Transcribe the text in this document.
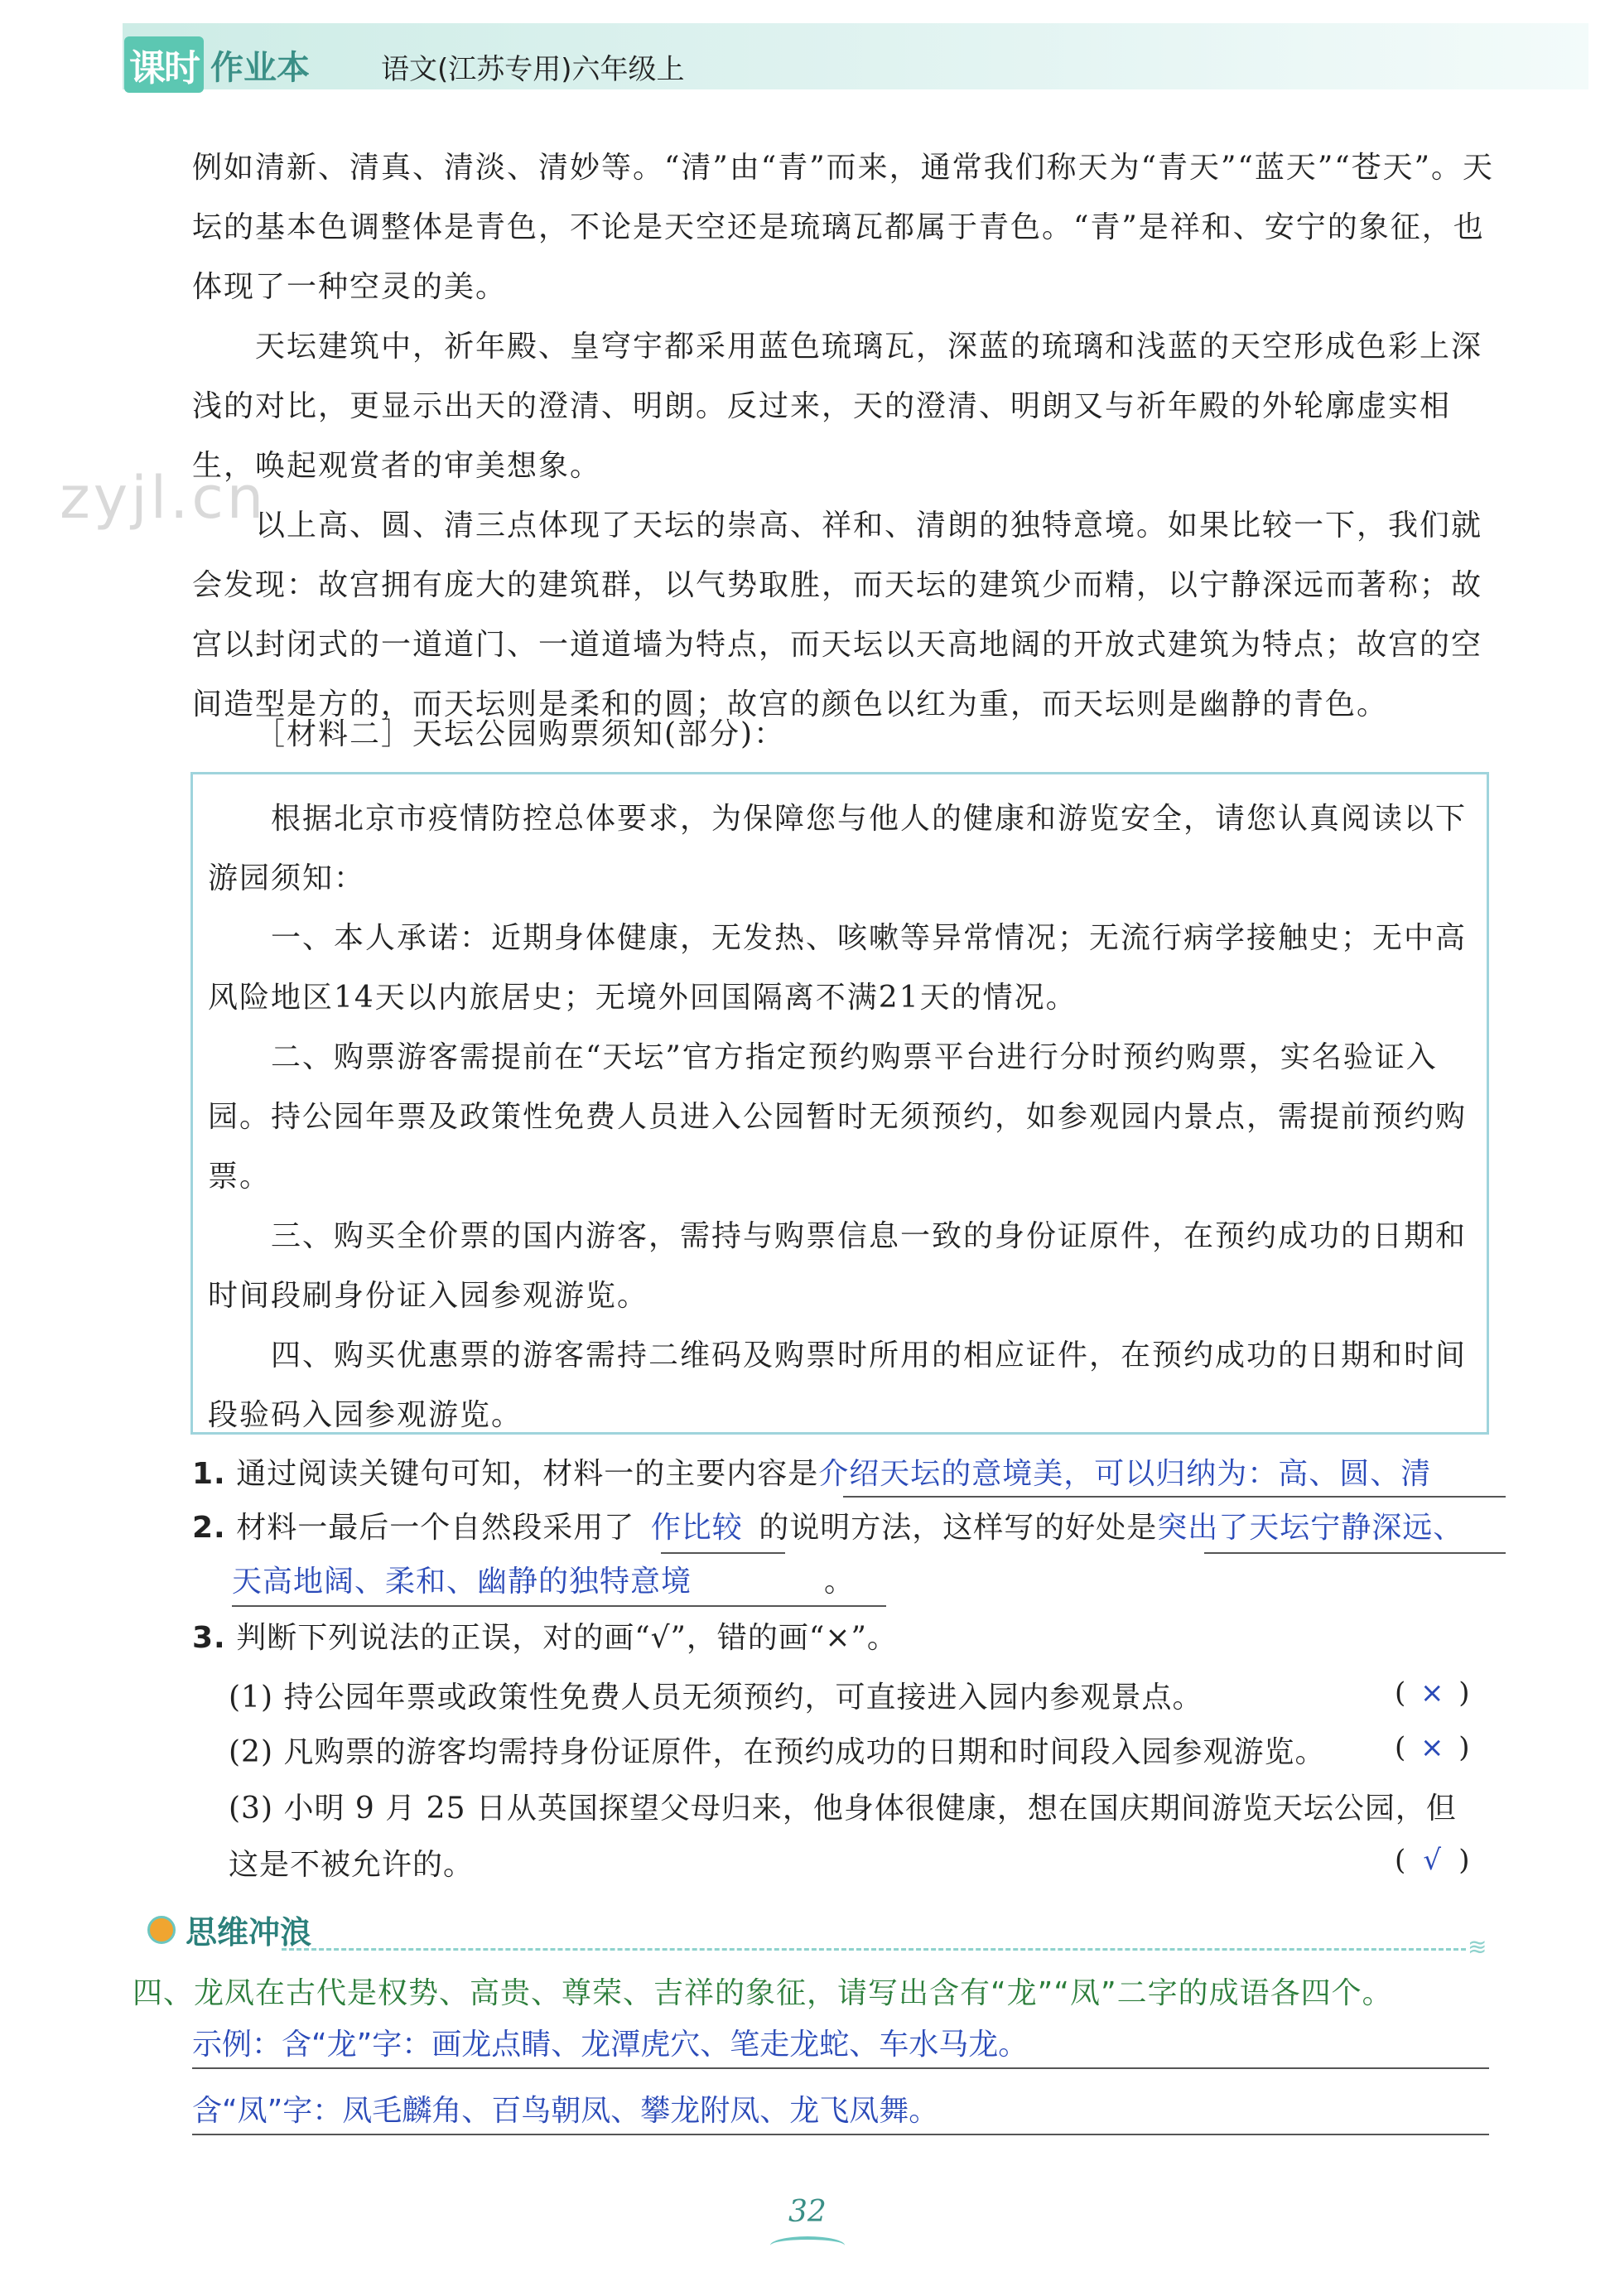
课时 作业本	语文(江苏专用)六年级上
例如清新、清真、清淡、清妙等。“清”由“青”而来，通常我们称天为“青天”“蓝天”“苍天”。天坛的基本色调整体是青色，不论是天空还是琉璃瓦都属于青色。“青”是祥和、安宁的象征，也体现了一种空灵的美。
天坛建筑中，祈年殿、皇穹宇都采用蓝色琉璃瓦，深蓝的琉璃和浅蓝的天空形成色彩上深浅的对比，更显示出天的澄清、明朗。反过来，天的澄清、明朗又与祈年殿的外轮廓虚实相生，唤起观赏者的审美想象。
zyjl.cn
以上高、圆、清三点体现了天坛的崇高、祥和、清朗的独特意境。如果比较一下，我们就会发现：故宫拥有庞大的建筑群，以气势取胜，而天坛的建筑少而精，以宁静深远而著称；故宫以封闭式的一道道门、一道道墙为特点，而天坛以天高地阔的开放式建筑为特点；故宫的空间造型是方的，而天坛则是柔和的圆；故宫的颜色以红为重，而天坛则是幽静的青色。
［材料二］天坛公园购票须知(部分)：

根据北京市疫情防控总体要求，为保障您与他人的健康和游览安全，请您认真阅读以下游园须知：

一、本人承诺：近期身体健康，无发热、咳嗽等异常情况；无流行病学接触史；无中高风险地区14天以内旅居史；无境外回国隔离不满21天的情况。

二、购票游客需提前在“天坛”官方指定预约购票平台进行分时预约购票，实名验证入园。持公园年票及政策性免费人员进入公园暂时无须预约，如参观园内景点，需提前预约购票。

三、购买全价票的国内游客，需持与购票信息一致的身份证原件，在预约成功的日期和时间段刷身份证入园参观游览。

四、购买优惠票的游客需持二维码及购票时所用的相应证件，在预约成功的日期和时间段验码入园参观游览。

1. 通过阅读关键句可知，材料一的主要内容是介绍天坛的意境美，可以归纳为：高、圆、清
2. 材料一最后一个自然段采用了 作比较 的说明方法，这样写的好处是突出了天坛宁静深远、
天高地阔、柔和、幽静的独特意境	。
3. 判断下列说法的正误，对的画“√”，错的画“×”。
(1) 持公园年票或政策性免费人员无须预约，可直接进入园内参观景点。	( × )
(2) 凡购票的游客均需持身份证原件，在预约成功的日期和时间段入园参观游览。 ( × )
(3) 小明 9 月 25 日从英国探望父母归来，他身体很健康，想在国庆期间游览天坛公园，但
这是不被允许的。	( √ )
思维冲浪	≋
四、龙凤在古代是权势、高贵、尊荣、吉祥的象征，请写出含有“龙”“凤”二字的成语各四个。
示例：含“龙”字：画龙点睛、龙潭虎穴、笔走龙蛇、车水马龙。
含“凤”字：凤毛麟角、百鸟朝凤、攀龙附凤、龙飞凤舞。
32
